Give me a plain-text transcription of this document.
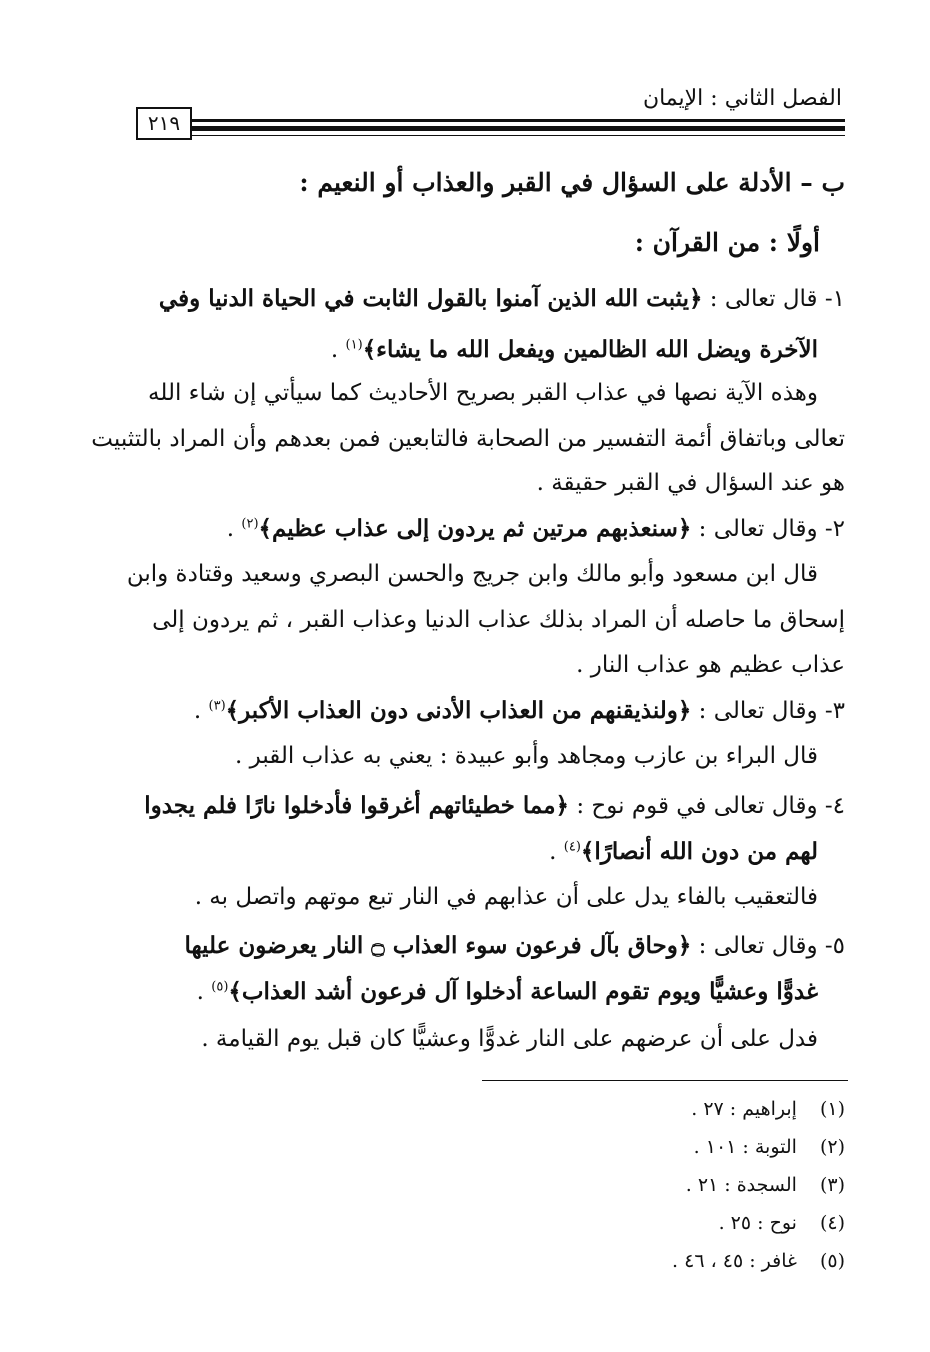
الفصل الثاني : الإيمان
٢١٩
ب – الأدلة على السؤال في القبر والعذاب أو النعيم :
أولًا : من القرآن :
١- قال تعالى : ﴿يثبت الله الذين آمنوا بالقول الثابت في الحياة الدنيا وفي
الآخرة ويضل الله الظالمين ويفعل الله ما يشاء﴾$^{(١)}$ .
وهذه الآية نصها في عذاب القبر بصريح الأحاديث كما سيأتي إن شاء الله
تعالى وباتفاق أئمة التفسير من الصحابة فالتابعين فمن بعدهم وأن المراد بالتثبيت
هو عند السؤال في القبر حقيقة .
٢- وقال تعالى : ﴿سنعذبهم مرتين ثم يردون إلى عذاب عظيم﴾$^{(٢)}$ .
قال ابن مسعود وأبو مالك وابن جريج والحسن البصري وسعيد وقتادة وابن
إسحاق ما حاصله أن المراد بذلك عذاب الدنيا وعذاب القبر ، ثم يردون إلى
عذاب عظيم هو عذاب النار .
٣- وقال تعالى : ﴿ولنذيقنهم من العذاب الأدنى دون العذاب الأكبر﴾$^{(٣)}$ .
قال البراء بن عازب ومجاهد وأبو عبيدة : يعني به عذاب القبر .
٤- وقال تعالى في قوم نوح : ﴿مما خطيئاتهم أغرقوا فأدخلوا نارًا فلم يجدوا
لهم من دون الله أنصارًا﴾$^{(٤)}$ .
فالتعقيب بالفاء يدل على أن عذابهم في النار تبع موتهم واتصل به .
٥- وقال تعالى : ﴿وحاق بآل فرعون سوء العذاب ۝ النار يعرضون عليها
غدوًّا وعشيًّا ويوم تقوم الساعة أدخلوا آل فرعون أشد العذاب﴾$^{(٥)}$ .
فدل على أن عرضهم على النار غدوًّا وعشيًّا كان قبل يوم القيامة .
(١) إبراهيم : ٢٧ .
(٢) التوبة : ١٠١ .
(٣) السجدة : ٢١ .
(٤) نوح : ٢٥ .
(٥) غافر : ٤٥ ، ٤٦ .
